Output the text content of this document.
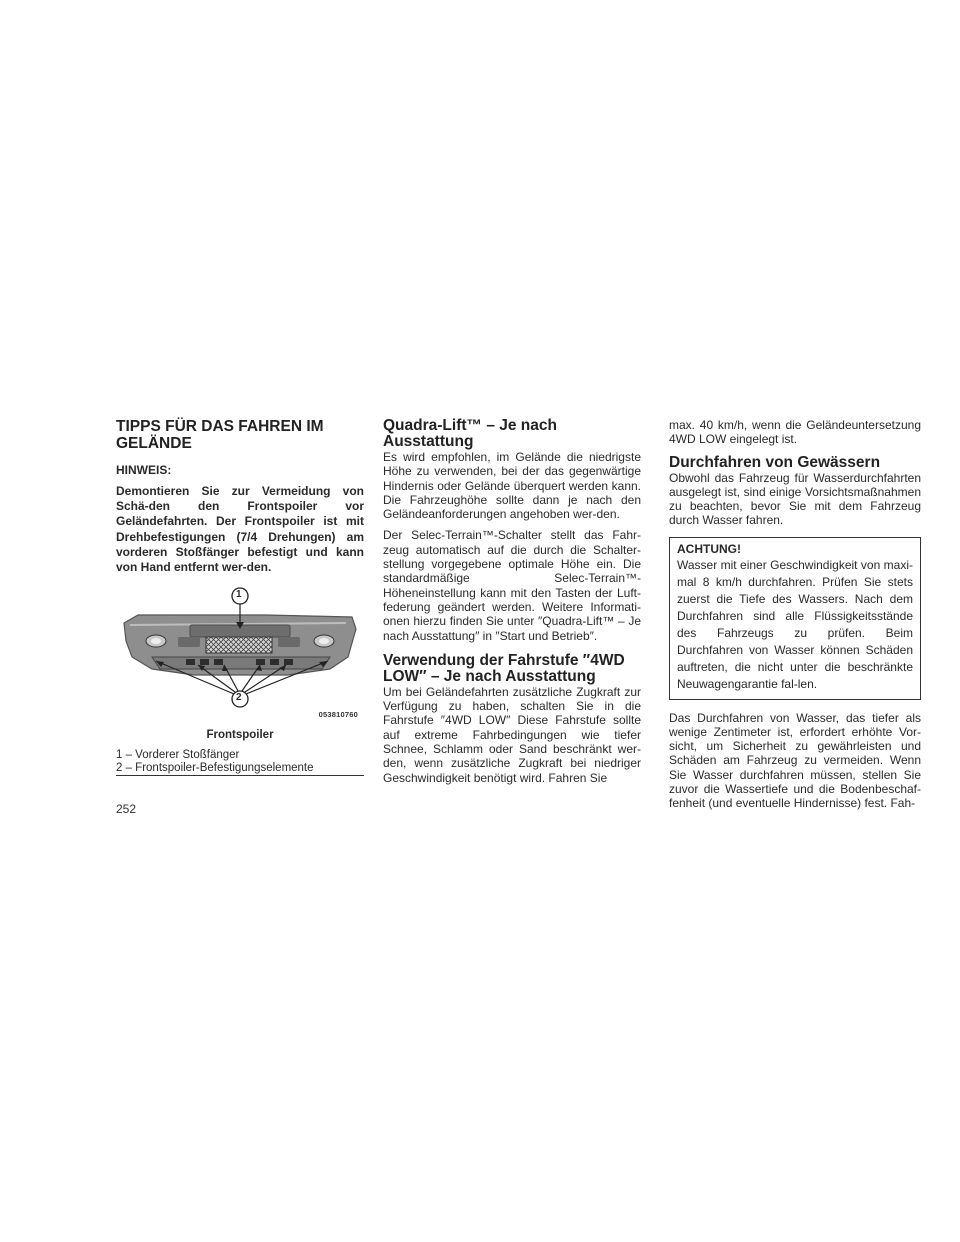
TIPPS FÜR DAS FAHREN IM GELÄNDE
HINWEIS:
Demontieren Sie zur Vermeidung von Schä-den den Frontspoiler vor Geländefahrten. Der Frontspoiler ist mit Drehbefestigungen (7/4 Drehungen) am vorderen Stoßfänger befestigt und kann von Hand entfernt wer-den.
1
2
053810760
Frontspoiler
1 – Vorderer Stoßfänger
2 – Frontspoiler-Befestigungselemente
Quadra-Lift™ – Je nach Ausstattung

Es wird empfohlen, im Gelände die niedrigste Höhe zu verwenden, bei der das gegenwärtige Hindernis oder Gelände überquert werden kann. Die Fahrzeughöhe sollte dann je nach den Geländeanforderungen angehoben wer-den.

Der Selec-Terrain™-Schalter stellt das Fahr-zeug automatisch auf die durch die Schalter-stellung vorgegebene optimale Höhe ein. Die standardmäßige Selec-Terrain™-Höheneinstellung kann mit den Tasten der Luft-federung geändert werden. Weitere Informati-onen hierzu finden Sie unter ″Quadra-Lift™ – Je nach Ausstattung″ in ″Start und Betrieb″.

Verwendung der Fahrstufe ″4WD LOW″ – Je nach Ausstattung

Um bei Geländefahrten zusätzliche Zugkraft zur Verfügung zu haben, schalten Sie in die Fahrstufe ″4WD LOW″ Diese Fahrstufe sollte auf extreme Fahrbedingungen wie tiefer Schnee, Schlamm oder Sand beschränkt wer-den, wenn zusätzliche Zugkraft bei niedriger Geschwindigkeit benötigt wird. Fahren Sie

max. 40 km/h, wenn die Geländeuntersetzung 4WD LOW eingelegt ist.

Durchfahren von Gewässern

Obwohl das Fahrzeug für Wasserdurchfahrten ausgelegt ist, sind einige Vorsichtsmaßnahmen zu beachten, bevor Sie mit dem Fahrzeug durch Wasser fahren.

ACHTUNG!
Wasser mit einer Geschwindigkeit von maxi-mal 8 km/h durchfahren. Prüfen Sie stets zuerst die Tiefe des Wassers. Nach dem Durchfahren sind alle Flüssigkeitsstände des Fahrzeugs zu prüfen. Beim Durchfahren von Wasser können Schäden auftreten, die nicht unter die beschränkte Neuwagengarantie fal-len.

Das Durchfahren von Wasser, das tiefer als wenige Zentimeter ist, erfordert erhöhte Vor-sicht, um Sicherheit zu gewährleisten und Schäden am Fahrzeug zu vermeiden. Wenn Sie Wasser durchfahren müssen, stellen Sie zuvor die Wassertiefe und die Bodenbeschaf-fenheit (und eventuelle Hindernisse) fest. Fah-

252
